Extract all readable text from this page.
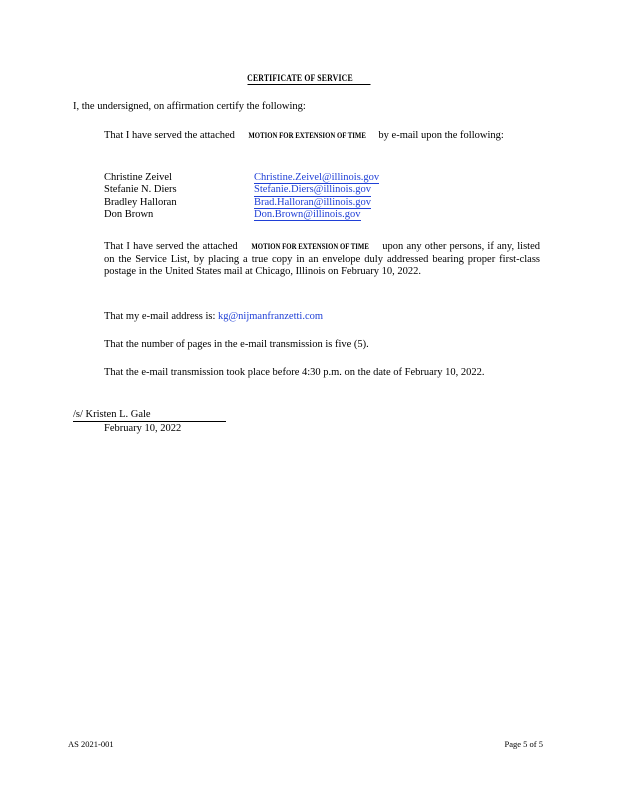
CERTIFICATE OF SERVICE
I, the undersigned, on affirmation certify the following:
That I have served the attached MOTION FOR EXTENSION OF TIME by e-mail upon the following:
Christine Zeivel	Christine.Zeivel@illinois.gov
Stefanie N. Diers	Stefanie.Diers@illinois.gov
Bradley Halloran	Brad.Halloran@illinois.gov
Don Brown	Don.Brown@illinois.gov
That I have served the attached MOTION FOR EXTENSION OF TIME upon any other persons, if any, listed on the Service List, by placing a true copy in an envelope duly addressed bearing proper first-class postage in the United States mail at Chicago, Illinois on February 10, 2022.
That my e-mail address is: kg@nijmanfranzetti.com
That the number of pages in the e-mail transmission is five (5).
That the e-mail transmission took place before 4:30 p.m. on the date of February 10, 2022.
/s/ Kristen L. Gale
February 10, 2022
AS 2021-001	Page 5 of 5
